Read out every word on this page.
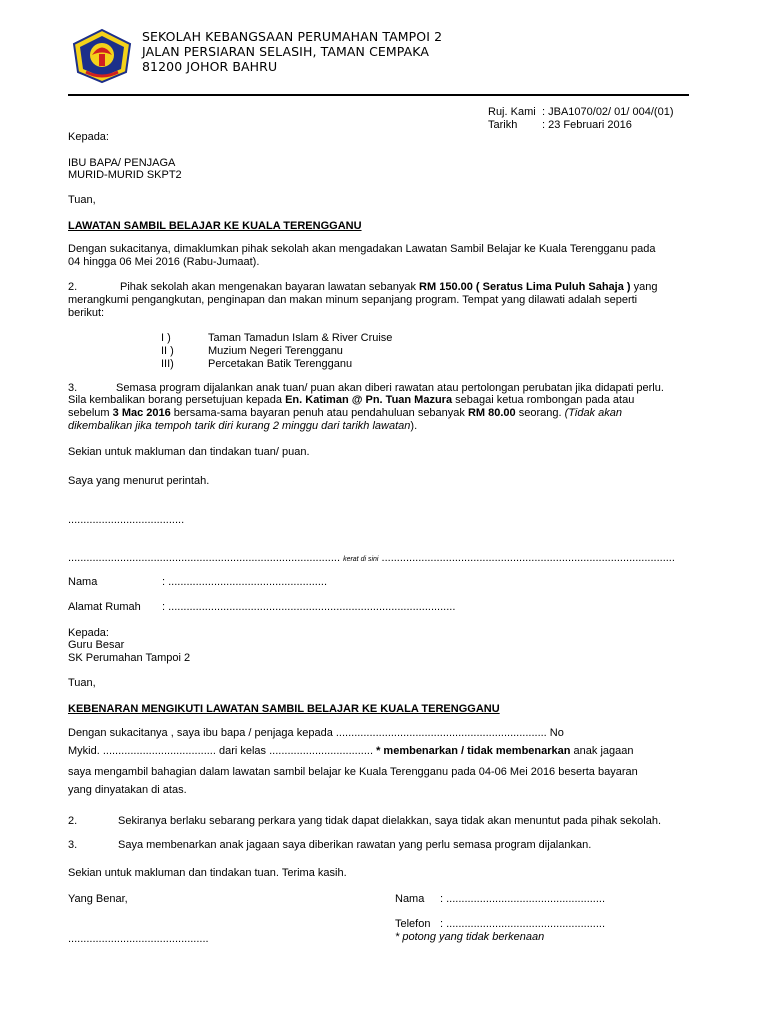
SEKOLAH KEBANGSAAN PERUMAHAN TAMPOI 2
JALAN PERSIARAN SELASIH, TAMAN CEMPAKA
81200 JOHOR BAHRU
Ruj. Kami : JBA1070/02/ 01/ 004/(01)
Tarikh : 23 Februari 2016
Kepada:
IBU BAPA/ PENJAGA
MURID-MURID SKPT2
Tuan,
LAWATAN SAMBIL BELAJAR KE KUALA TERENGGANU
Dengan sukacitanya, dimaklumkan pihak sekolah akan mengadakan Lawatan Sambil Belajar ke Kuala Terengganu pada
04 hingga 06 Mei 2016 (Rabu-Jumaat).
2.	Pihak sekolah akan mengenakan bayaran lawatan sebanyak RM 150.00 ( Seratus Lima Puluh Sahaja ) yang
merangkumi pengangkutan, penginapan dan makan minum sepanjang program. Tempat yang dilawati adalah seperti
berikut:
I )	Taman Tamadun Islam & River Cruise
II )	Muzium Negeri Terengganu
III)	Percetakan Batik Terengganu
3.	Semasa program dijalankan anak tuan/ puan akan diberi rawatan atau pertolongan perubatan jika didapati perlu.
Sila kembalikan borang persetujuan kepada En. Katiman @ Pn. Tuan Mazura sebagai ketua rombongan pada atau
sebelum 3 Mac 2016 bersama-sama bayaran penuh atau pendahuluan sebanyak RM 80.00 seorang. (Tidak akan
dikembalikan jika tempoh tarik diri kurang 2 minggu dari tarikh lawatan).
Sekian untuk makluman dan tindakan tuan/ puan.
Saya yang menurut perintah.
......................................
......................................................................................... kerat di sini ................................................................................................
Nama	: ....................................................
Alamat Rumah : ..............................................................................................
Kepada:
Guru Besar
SK Perumahan Tampoi 2
Tuan,
KEBENARAN MENGIKUTI LAWATAN SAMBIL BELAJAR KE KUALA TERENGGANU
Dengan sukacitanya , saya ibu bapa / penjaga kepada ..................................................................... No
Mykid. ..................................... dari kelas .................................. * membenarkan / tidak membenarkan anak jagaan
saya mengambil bahagian dalam lawatan sambil belajar ke Kuala Terengganu pada 04-06 Mei 2016 beserta bayaran
yang dinyatakan di atas.
2.	Sekiranya berlaku sebarang perkara yang tidak dapat dielakkan, saya tidak akan menuntut pada pihak sekolah.
3.	Saya membenarkan anak jagaan saya diberikan rawatan yang perlu semasa program dijalankan.
Sekian untuk makluman dan tindakan tuan. Terima kasih.
Yang Benar,	Nama : ....................................................
Telefon : ....................................................
..............................................	* potong yang tidak berkenaan
